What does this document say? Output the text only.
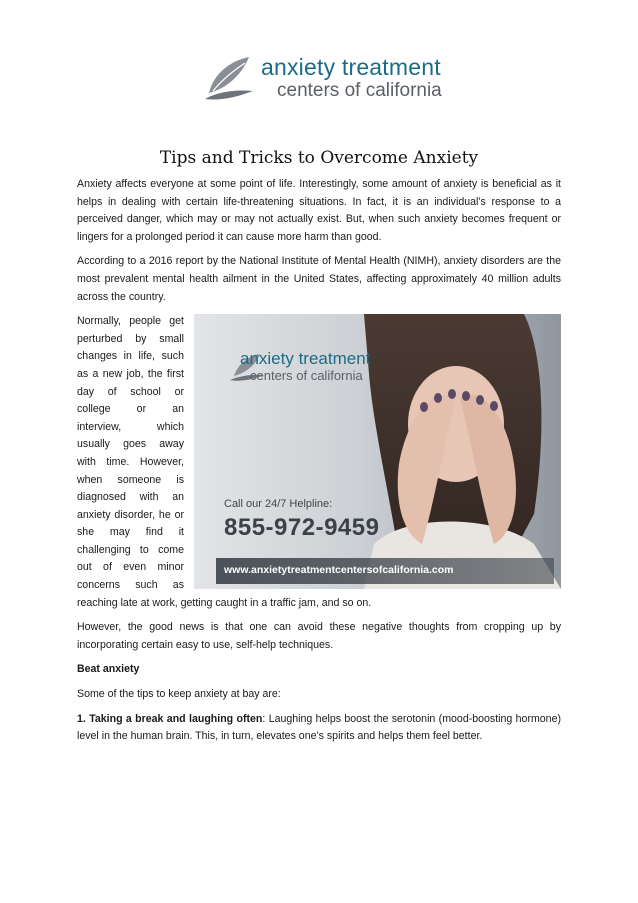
anxiety treatment
centers of california
Tips and Tricks to Overcome Anxiety

Anxiety affects everyone at some point of life. Interestingly, some amount of anxiety is beneficial as it helps in dealing with certain life-threatening situations. In fact, it is an individual’s response to a perceived danger, which may or may not actually exist. But, when such anxiety becomes frequent or lingers for a prolonged period it can cause more harm than good.

According to a 2016 report by the National Institute of Mental Health (NIMH), anxiety disorders are the most prevalent mental health ailment in the United States, affecting approximately 40 million adults across the country.

anxiety treatment
centers of california
Call our 24/7 Helpline:
855-972-9459
www.anxietytreatmentcentersofcalifornia.com
Normally, people get perturbed by small changes in life, such as a new job, the first day of school or college or an interview, which usually goes away with time. However, when someone is diagnosed with an anxiety disorder, he or she may find it challenging to come out of even minor concerns such as reaching late at work, getting caught in a traffic jam, and so on.

However, the good news is that one can avoid these negative thoughts from cropping up by incorporating certain easy to use, self-help techniques.

Beat anxiety

Some of the tips to keep anxiety at bay are:

1. Taking a break and laughing often: Laughing helps boost the serotonin (mood-boosting hormone) level in the human brain. This, in turn, elevates one’s spirits and helps them feel better.
